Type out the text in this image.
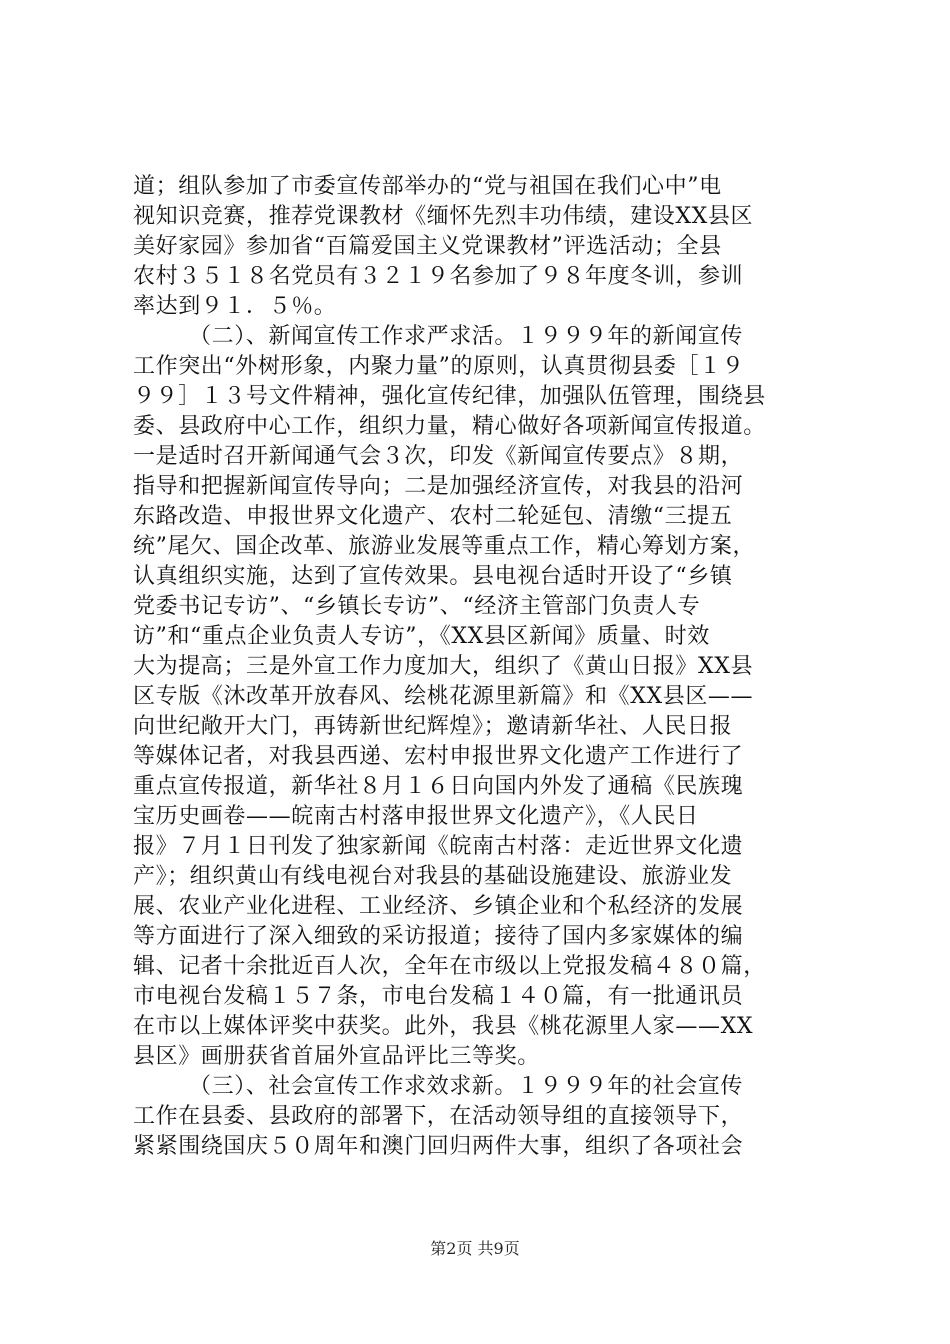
道；组队参加了市委宣传部举办的“党与祖国在我们心中”电
视知识竞赛，推荐党课教材《缅怀先烈丰功伟绩，建设XX县区
美好家园》参加省“百篇爱国主义党课教材”评选活动；全县
农村３５１８名党员有３２１９名参加了９８年度冬训，参训
率达到９１．５％。
（二）、新闻宣传工作求严求活。１９９９年的新闻宣传
工作突出“外树形象，内聚力量”的原则，认真贯彻县委［１９
９９］１３号文件精神，强化宣传纪律，加强队伍管理，围绕县
委、县政府中心工作，组织力量，精心做好各项新闻宣传报道。
一是适时召开新闻通气会３次，印发《新闻宣传要点》８期，
指导和把握新闻宣传导向；二是加强经济宣传，对我县的沿河
东路改造、申报世界文化遗产、农村二轮延包、清缴“三提五
统”尾欠、国企改革、旅游业发展等重点工作，精心筹划方案，
认真组织实施，达到了宣传效果。县电视台适时开设了“乡镇
党委书记专访”、“乡镇长专访”、“经济主管部门负责人专
访”和“重点企业负责人专访”，《XX县区新闻》质量、时效
大为提高；三是外宣工作力度加大，组织了《黄山日报》XX县
区专版《沐改革开放春风、绘桃花源里新篇》和《XX县区——
向世纪敞开大门，再铸新世纪辉煌》；邀请新华社、人民日报
等媒体记者，对我县西递、宏村申报世界文化遗产工作进行了
重点宣传报道，新华社８月１６日向国内外发了通稿《民族瑰
宝历史画卷——皖南古村落申报世界文化遗产》，《人民日
报》７月１日刊发了独家新闻《皖南古村落：走近世界文化遗
产》；组织黄山有线电视台对我县的基础设施建设、旅游业发
展、农业产业化进程、工业经济、乡镇企业和个私经济的发展
等方面进行了深入细致的采访报道；接待了国内多家媒体的编
辑、记者十余批近百人次，全年在市级以上党报发稿４８０篇，
市电视台发稿１５７条，市电台发稿１４０篇，有一批通讯员
在市以上媒体评奖中获奖。此外，我县《桃花源里人家——XX
县区》画册获省首届外宣品评比三等奖。
（三）、社会宣传工作求效求新。１９９９年的社会宣传
工作在县委、县政府的部署下，在活动领导组的直接领导下，
紧紧围绕国庆５０周年和澳门回归两件大事，组织了各项社会
第2页 共9页
